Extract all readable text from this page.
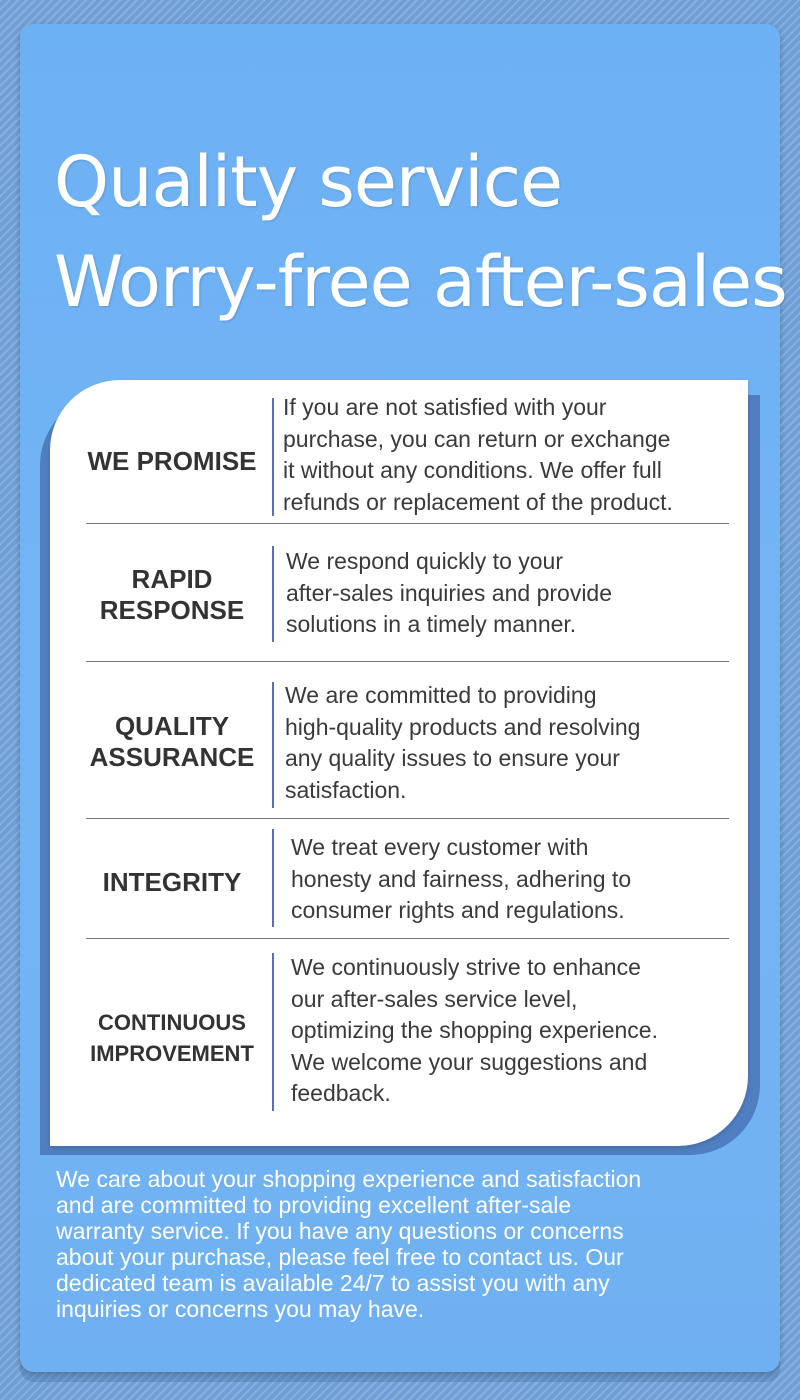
Quality service
Worry-free after-sales
WE PROMISE
If you are not satisfied with your
purchase, you can return or exchange
it without any conditions. We offer full
refunds or replacement of the product.
RAPID
RESPONSE
We respond quickly to your
after-sales inquiries and provide
solutions in a timely manner.
QUALITY
ASSURANCE
We are committed to providing
high-quality products and resolving
any quality issues to ensure your
satisfaction.
INTEGRITY
We treat every customer with
honesty and fairness, adhering to
consumer rights and regulations.
CONTINUOUS
IMPROVEMENT
We continuously strive to enhance
our after-sales service level,
optimizing the shopping experience.
We welcome your suggestions and
feedback.
We care about your shopping experience and satisfaction
and are committed to providing excellent after-sale
warranty service. If you have any questions or concerns
about your purchase, please feel free to contact us. Our
dedicated team is available 24/7 to assist you with any
inquiries or concerns you may have.
